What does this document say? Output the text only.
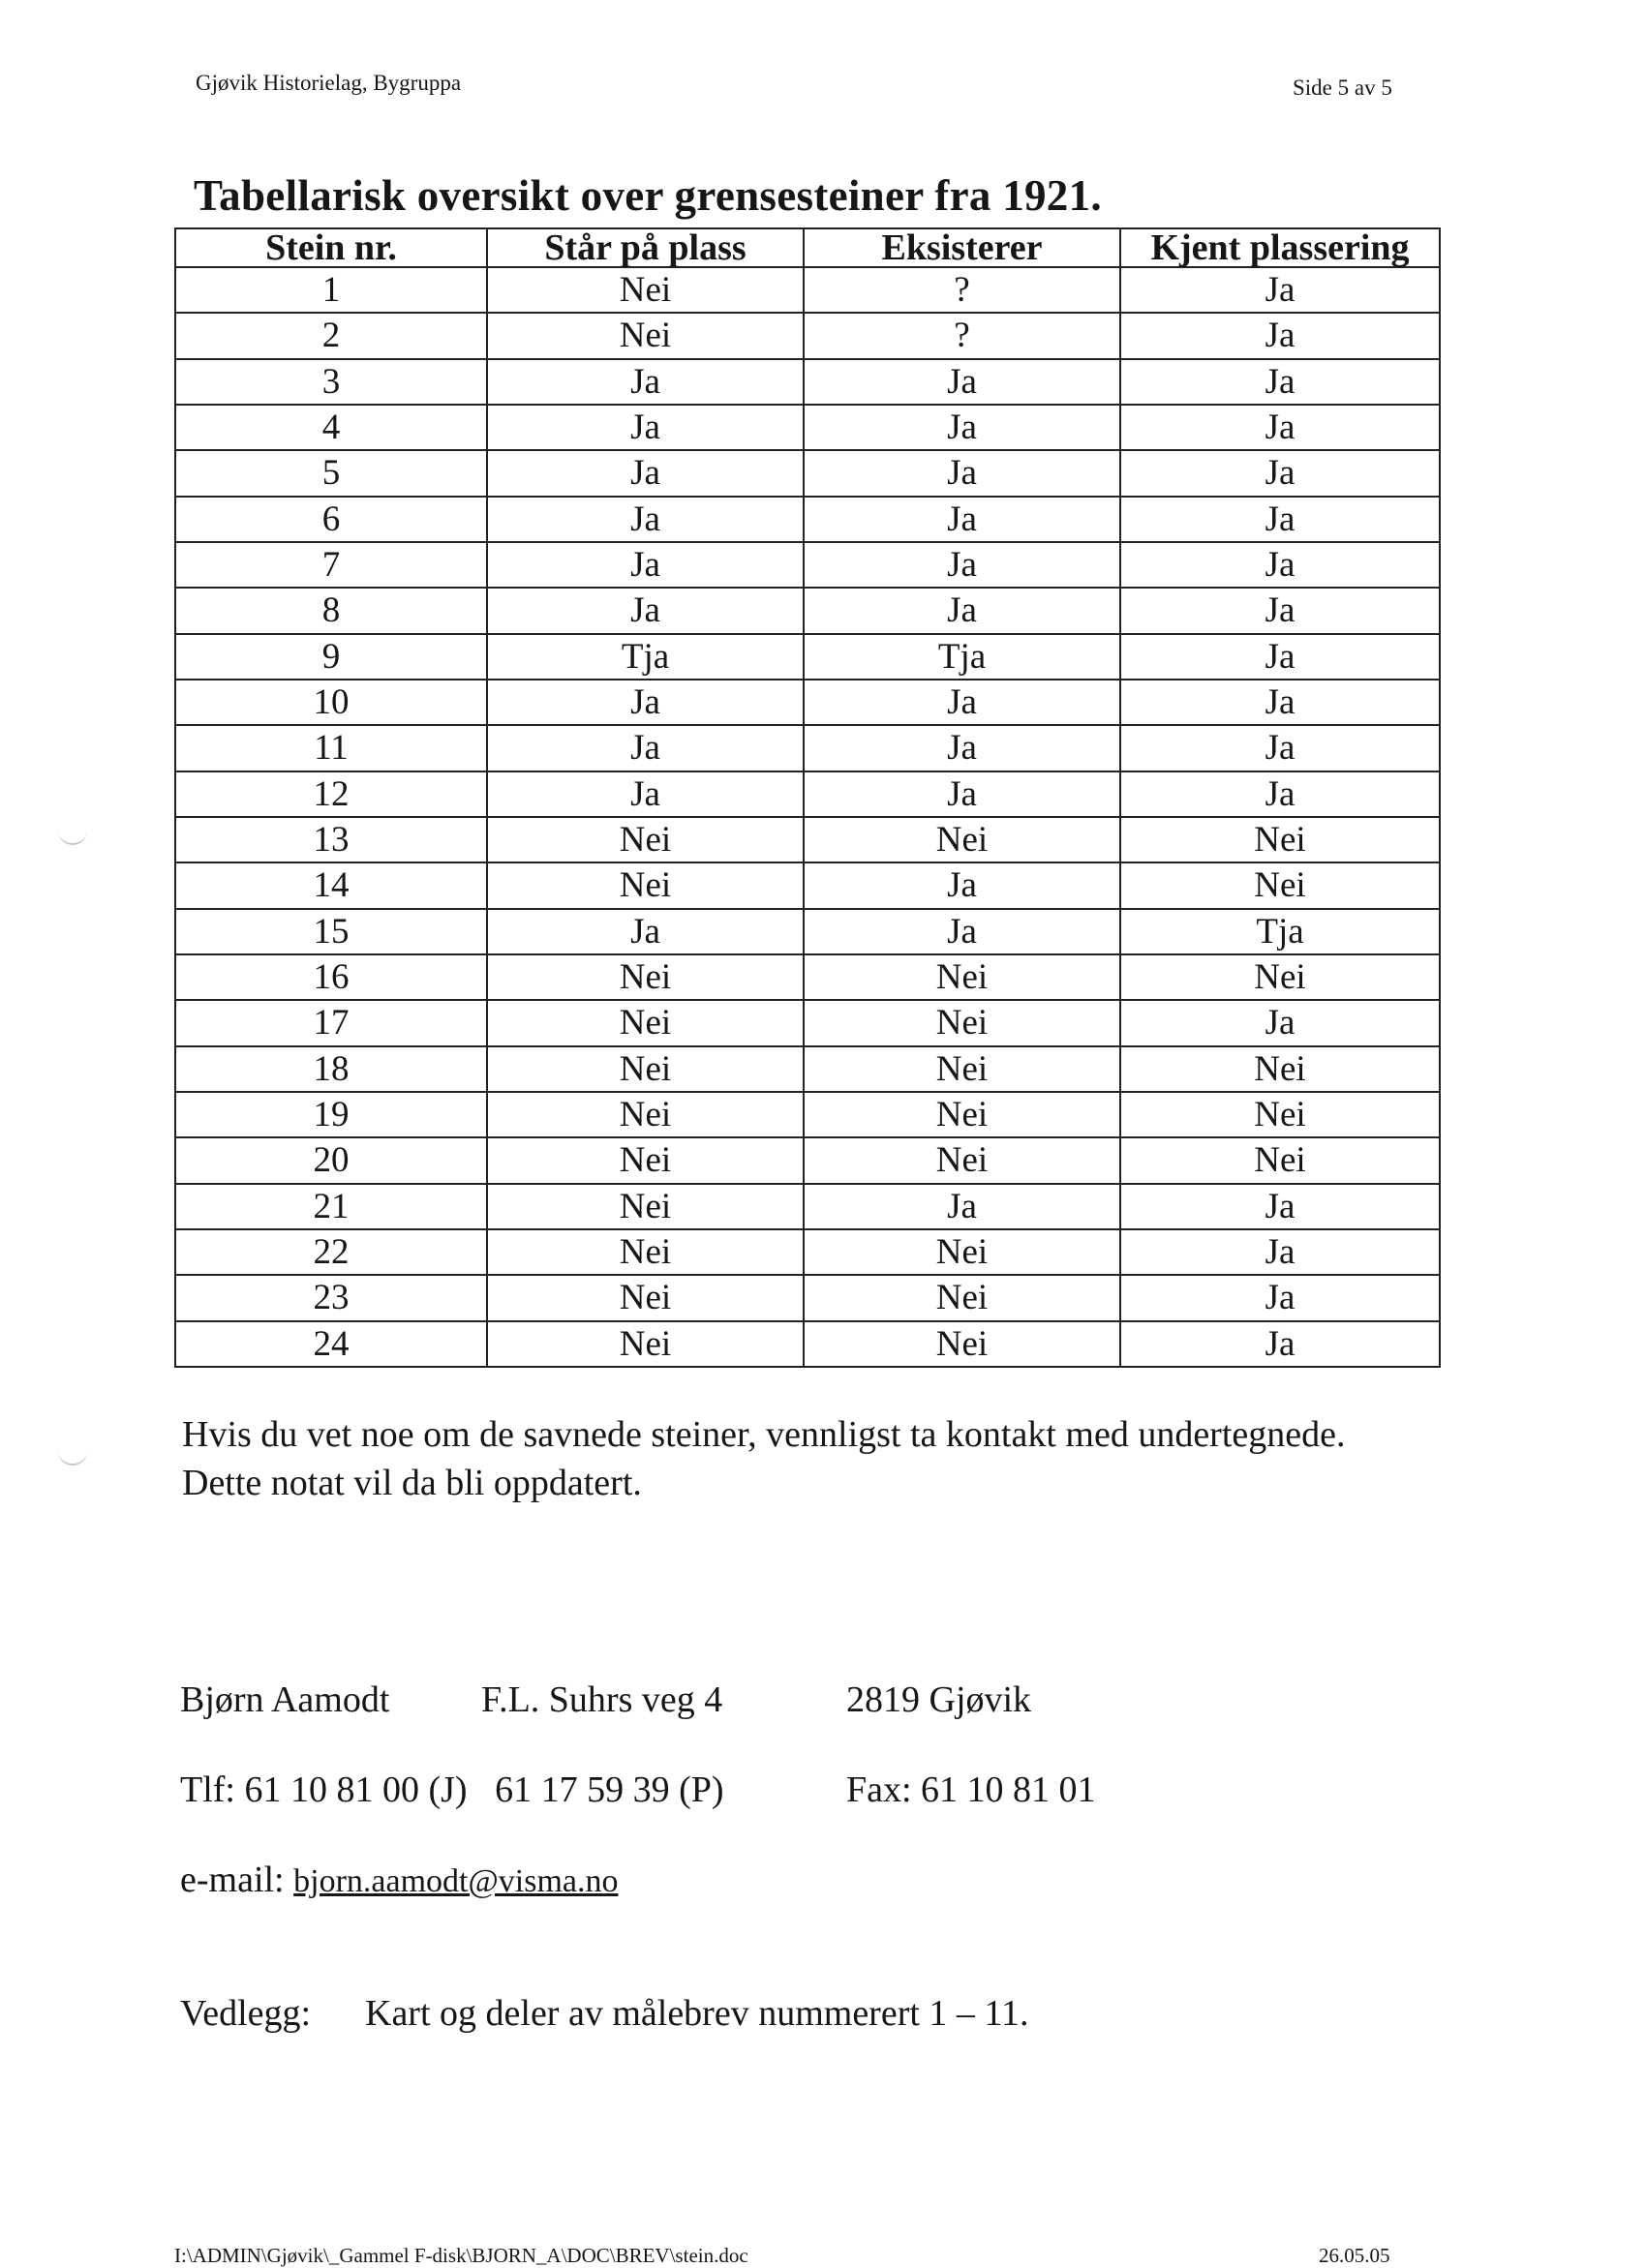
Gjøvik Historielag, Bygruppa	Side 5 av 5
Tabellarisk oversikt over grensesteiner fra 1921.
Stein nr.	Står på plass	Eksisterer	Kjent plassering
1	Nei	?	Ja
2	Nei	?	Ja
3	Ja	Ja	Ja
4	Ja	Ja	Ja
5	Ja	Ja	Ja
6	Ja	Ja	Ja
7	Ja	Ja	Ja
8	Ja	Ja	Ja
9	Tja	Tja	Ja
10	Ja	Ja	Ja
11	Ja	Ja	Ja
12	Ja	Ja	Ja
13	Nei	Nei	Nei
14	Nei	Ja	Nei
15	Ja	Ja	Tja
16	Nei	Nei	Nei
17	Nei	Nei	Ja
18	Nei	Nei	Nei
19	Nei	Nei	Nei
20	Nei	Nei	Nei
21	Nei	Ja	Ja
22	Nei	Nei	Ja
23	Nei	Nei	Ja
24	Nei	Nei	Ja
Hvis du vet noe om de savnede steiner, vennligst ta kontakt med undertegnede.
Dette notat vil da bli oppdatert.
Bjørn Aamodt F.L. Suhrs veg 4	2819 Gjøvik
Tlf: 61 10 81 00 (J)   61 17 59 39 (P)	Fax: 61 10 81 01
e-mail: bjorn.aamodt@visma.no
Vedlegg: Kart og deler av målebrev nummerert 1 – 11.
I:\ADMIN\Gjøvik\_Gammel F-disk\BJORN_A\DOC\BREV\stein.doc	26.05.05
